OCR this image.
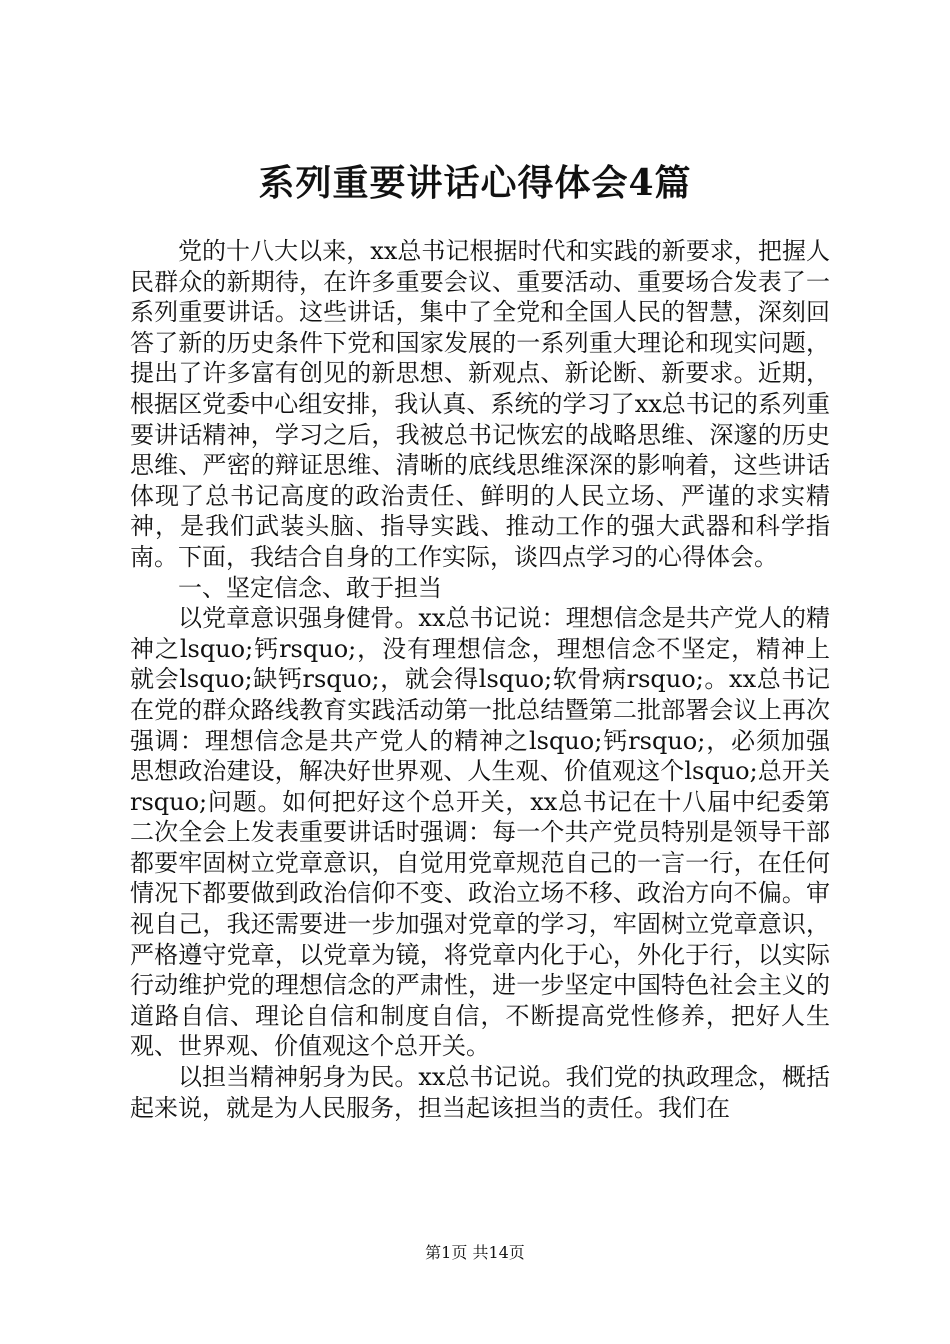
系列重要讲话心得体会4篇

党的十八大以来，xx总书记根据时代和实践的新要求，把握人民群众的新期待，在许多重要会议、重要活动、重要场合发表了一系列重要讲话。这些讲话，集中了全党和全国人民的智慧，深刻回答了新的历史条件下党和国家发展的一系列重大理论和现实问题，提出了许多富有创见的新思想、新观点、新论断、新要求。近期，根据区党委中心组安排，我认真、系统的学习了xx总书记的系列重要讲话精神，学习之后，我被总书记恢宏的战略思维、深邃的历史思维、严密的辩证思维、清晰的底线思维深深的影响着，这些讲话体现了总书记高度的政治责任、鲜明的人民立场、严谨的求实精神，是我们武装头脑、指导实践、推动工作的强大武器和科学指南。下面，我结合自身的工作实际，谈四点学习的心得体会。

一、坚定信念、敢于担当

以党章意识强身健骨。xx总书记说：理想信念是共产党人的精神之lsquo;钙rsquo;，没有理想信念，理想信念不坚定，精神上就会lsquo;缺钙rsquo;，就会得lsquo;软骨病rsquo;。xx总书记在党的群众路线教育实践活动第一批总结暨第二批部署会议上再次强调：理想信念是共产党人的精神之lsquo;钙rsquo;，必须加强思想政治建设，解决好世界观、人生观、价值观这个lsquo;总开关rsquo;问题。如何把好这个总开关，xx总书记在十八届中纪委第二次全会上发表重要讲话时强调：每一个共产党员特别是领导干部都要牢固树立党章意识，自觉用党章规范自己的一言一行，在任何情况下都要做到政治信仰不变、政治立场不移、政治方向不偏。审视自己，我还需要进一步加强对党章的学习，牢固树立党章意识，严格遵守党章，以党章为镜，将党章内化于心，外化于行，以实际行动维护党的理想信念的严肃性，进一步坚定中国特色社会主义的道路自信、理论自信和制度自信，不断提高党性修养，把好人生观、世界观、价值观这个总开关。

以担当精神躬身为民。xx总书记说。我们党的执政理念，概括起来说，就是为人民服务，担当起该担当的责任。我们在

第1页 共14页
